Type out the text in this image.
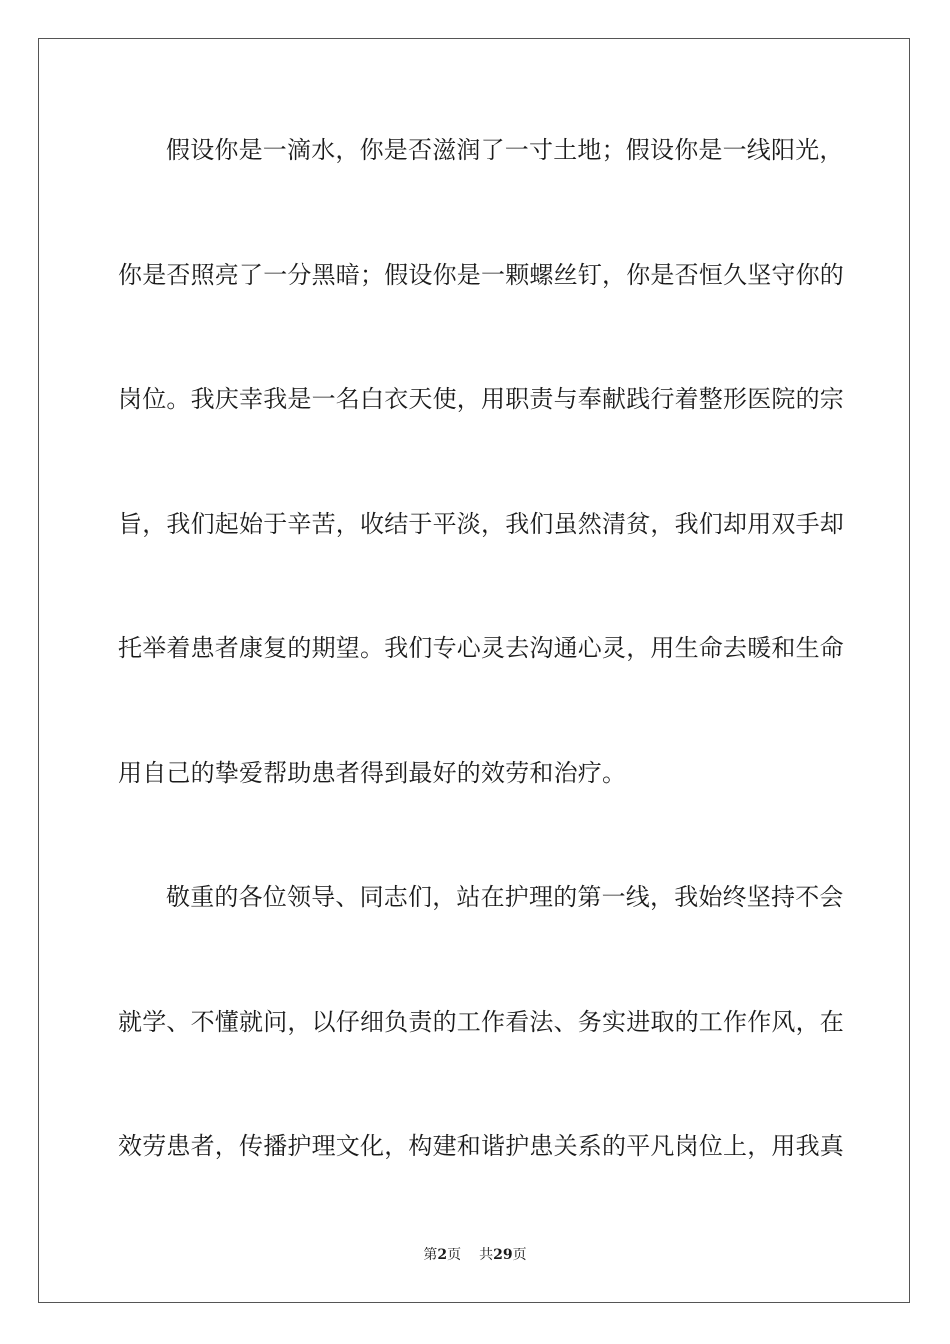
假设你是一滴水，你是否滋润了一寸土地；假设你是一线阳光，
你是否照亮了一分黑暗；假设你是一颗螺丝钉，你是否恒久坚守你的
岗位。我庆幸我是一名白衣天使，用职责与奉献践行着整形医院的宗
旨，我们起始于辛苦，收结于平淡，我们虽然清贫，我们却用双手却
托举着患者康复的期望。我们专心灵去沟通心灵，用生命去暖和生命
用自己的挚爱帮助患者得到最好的效劳和治疗。
敬重的各位领导、同志们，站在护理的第一线，我始终坚持不会
就学、不懂就问，以仔细负责的工作看法、务实进取的工作作风，在
效劳患者，传播护理文化，构建和谐护患关系的平凡岗位上，用我真
第2页 共29页
